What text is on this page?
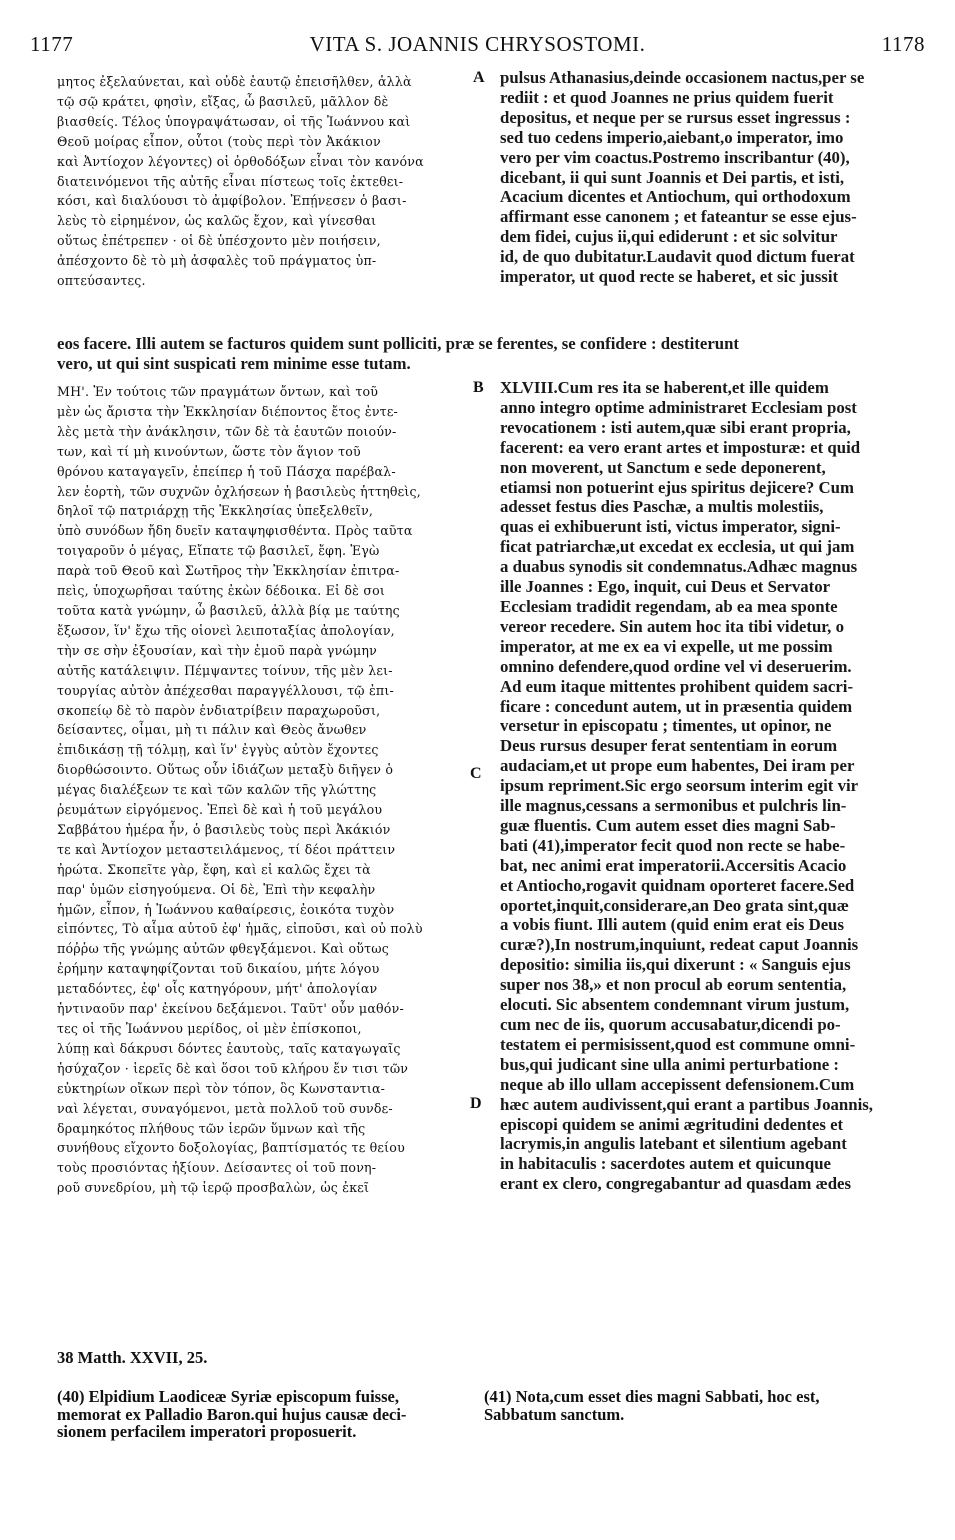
1177	VITA S. JOANNIS CHRYSOSTOMI.	1178
μητος ἐξελαύνεται, καὶ οὐδὲ ἑαυτῷ ἐπεισῆλθεν, ἀλλὰ
τῷ σῷ κράτει, φησὶν, εἴξας, ὦ βασιλεῦ, μᾶλλον δὲ
βιασθείς. Τέλος ὑπογραψάτωσαν, οἱ τῆς Ἰωάννου καὶ
Θεοῦ μοίρας εἶπον, οὗτοι (τοὺς περὶ τὸν Ἀκάκιον
καὶ Ἀντίοχον λέγοντες) οἱ ὀρθοδόξων εἶναι τὸν κανόνα
διατεινόμενοι τῆς αὐτῆς εἶναι πίστεως τοῖς ἐκτεθει-
κόσι, καὶ διαλύουσι τὸ ἀμφίβολον. Ἐπῄνεσεν ὁ βασι-
λεὺς τὸ εἰρημένον, ὡς καλῶς ἔχον, καὶ γίνεσθαι
οὕτως ἐπέτρεπεν · οἱ δὲ ὑπέσχοντο μὲν ποιήσειν,
ἀπέσχοντο δὲ τὸ μὴ ἀσφαλὲς τοῦ πράγματος ὑπ-
οπτεύσαντες.
pulsus Athanasius,deinde occasionem nactus,per se
rediit : et quod Joannes ne prius quidem fuerit
depositus, et neque per se rursus esset ingressus :
sed tuo cedens imperio,aiebant,o imperator, imo
vero per vim coactus.Postremo inscribantur (40),
dicebant, ii qui sunt Joannis et Dei partis, et isti,
Acacium dicentes et Antiochum, qui orthodoxum
affirmant esse canonem ; et fateantur se esse ejus-
dem fidei, cujus ii,qui ediderunt : et sic solvitur
id, de quo dubitatur.Laudavit quod dictum fuerat
imperator, ut quod recte se haberet, et sic jussit
eos facere. Illi autem se facturos quidem sunt polliciti, præ se ferentes, se confidere : destiterunt
vero, ut qui sint suspicati rem minime esse tutam.
ΜΗ'. Ἐν τούτοις τῶν πραγμάτων ὄντων, καὶ τοῦ
μὲν ὡς ἄριστα τὴν Ἐκκλησίαν διέποντος ἔτος ἐντε-
λὲς μετὰ τὴν ἀνάκλησιν, τῶν δὲ τὰ ἑαυτῶν ποιούν-
των, καὶ τί μὴ κινούντων, ὥστε τὸν ἅγιον τοῦ
θρόνου καταγαγεῖν, ἐπείπερ ἡ τοῦ Πάσχα παρέβαλ-
λεν ἑορτὴ, τῶν συχνῶν ὀχλήσεων ἡ βασιλεὺς ἡττηθεὶς,
δηλοῖ τῷ πατριάρχῃ τῆς Ἐκκλησίας ὑπεξελθεῖν,
ὑπὸ συνόδων ἤδη δυεῖν καταψηφισθέντα. Πρὸς ταῦτα
τοιγαροῦν ὁ μέγας, Εἴπατε τῷ βασιλεῖ, ἔφη. Ἐγὼ
παρὰ τοῦ Θεοῦ καὶ Σωτῆρος τὴν Ἐκκλησίαν ἐπιτρα-
πεὶς, ὑποχωρῆσαι ταύτης ἐκὼν δέδοικα. Εἰ δὲ σοι
τοῦτα κατὰ γνώμην, ὦ βασιλεῦ, ἀλλὰ βίᾳ με ταύτης
ἔξωσον, ἵν' ἔχω τῆς οἱονεὶ λειποταξίας ἀπολογίαν,
τὴν σε σὴν ἐξουσίαν, καὶ τὴν ἐμοῦ παρὰ γνώμην
αὐτῆς κατάλειψιν. Πέμψαντες τοίνυν, τῆς μὲν λει-
τουργίας αὐτὸν ἀπέχεσθαι παραγγέλλουσι, τῷ ἐπι-
σκοπείῳ δὲ τὸ παρὸν ἐνδιατρίβειν παραχωροῦσι,
δείσαντες, οἶμαι, μὴ τι πάλιν καὶ Θεὸς ἄνωθεν
ἐπιδικάσῃ τῇ τόλμῃ, καὶ ἵν' ἐγγὺς αὐτὸν ἔχοντες
διορθώσοιντο. Οὕτως οὖν ἰδιάζων μεταξὺ διῆγεν ὁ
μέγας διαλέξεων τε καὶ τῶν καλῶν τῆς γλώττης
ῥευμάτων εἰργόμενος. Ἐπεὶ δὲ καὶ ἡ τοῦ μεγάλου
Σαββάτου ἡμέρα ἦν, ὁ βασιλεὺς τοὺς περὶ Ἀκάκιόν
τε καὶ Ἀντίοχον μεταστειλάμενος, τί δέοι πράττειν
ἠρώτα. Σκοπεῖτε γὰρ, ἔφη, καὶ εἰ καλῶς ἔχει τὰ
παρ' ὑμῶν εἰσηγούμενα. Οἱ δὲ, Ἐπὶ τὴν κεφαλὴν
ἡμῶν, εἶπον, ἡ Ἰωάννου καθαίρεσις, ἐοικότα τυχὸν
εἰπόντες, Τὸ αἷμα αὐτοῦ ἐφ' ἡμᾶς, εἰποῦσι, καὶ οὐ πολὺ
πόῤῥω τῆς γνώμης αὐτῶν φθεγξάμενοι. Καὶ οὕτως
ἐρήμην καταψηφίζονται τοῦ δικαίου, μήτε λόγου
μεταδόντες, ἐφ' οἷς κατηγόρουν, μήτ' ἀπολογίαν
ἡντιναοῦν παρ' ἐκείνου δεξάμενοι. Ταῦτ' οὖν μαθόν-
τες οἱ τῆς Ἰωάννου μερίδος, οἱ μὲν ἐπίσκοποι,
λύπῃ καὶ δάκρυσι δόντες ἑαυτοὺς, ταῖς καταγωγαῖς
ἡσύχαζον · ἱερεῖς δὲ καὶ ὅσοι τοῦ κλήρου ἔν τισι τῶν
εὐκτηρίων οἴκων περὶ τὸν τόπον, ὃς Κωνσταντια-
ναὶ λέγεται, συναγόμενοι, μετὰ πολλοῦ τοῦ συνδε-
δραμηκότος πλήθους τῶν ἱερῶν ὕμνων καὶ τῆς
συνήθους εἴχοντο δοξολογίας, βαπτίσματός τε θείου
τοὺς προσιόντας ἠξίουν. Δείσαντες οἱ τοῦ πονη-
ροῦ συνεδρίου, μὴ τῷ ἱερῷ προσβαλὼν, ὡς ἐκεῖ
XLVIII.Cum res ita se haberent,et ille quidem
anno integro optime administraret Ecclesiam post
revocationem : isti autem,quæ sibi erant propria,
facerent: ea vero erant artes et imposturæ: et quid
non moverent, ut Sanctum e sede deponerent,
etiamsi non potuerint ejus spiritus dejicere? Cum
adesset festus dies Paschæ, a multis molestiis,
quas ei exhibuerunt isti, victus imperator, signi-
ficat patriarchæ,ut excedat ex ecclesia, ut qui jam
a duabus synodis sit condemnatus.Adhæc magnus
ille Joannes : Ego, inquit, cui Deus et Servator
Ecclesiam tradidit regendam, ab ea mea sponte
vereor recedere. Sin autem hoc ita tibi videtur, o
imperator, at me ex ea vi expelle, ut me possim
omnino defendere,quod ordine vel vi deseruerim.
Ad eum itaque mittentes prohibent quidem sacri-
ficare : concedunt autem, ut in præsentia quidem
versetur in episcopatu ; timentes, ut opinor, ne
Deus rursus desuper ferat sententiam in eorum
audaciam,et ut prope eum habentes, Dei iram per
ipsum repriment.Sic ergo seorsum interim egit vir
ille magnus,cessans a sermonibus et pulchris lin-
guæ fluentis. Cum autem esset dies magni Sab-
bati (41),imperator fecit quod non recte se habe-
bat, nec animi erat imperatorii.Accersitis Acacio
et Antiocho,rogavit quidnam oporteret facere.Sed
oportet,inquit,considerare,an Deo grata sint,quæ
a vobis fiunt. Illi autem (quid enim erat eis Deus
curæ?),In nostrum,inquiunt, redeat caput Joannis
depositio: similia iis,qui dixerunt : « Sanguis ejus
super nos 38,» et non procul ab eorum sententia,
elocuti. Sic absentem condemnant virum justum,
cum nec de iis, quorum accusabatur,dicendi po-
testatem ei permisissent,quod est commune omni-
bus,qui judicant sine ulla animi perturbatione :
neque ab illo ullam accepissent defensionem.Cum
hæc autem audivissent,qui erant a partibus Joannis,
episcopi quidem se animi ægritudini dedentes et
lacrymis,in angulis latebant et silentium agebant
in habitaculis : sacerdotes autem et quicunque
erant ex clero, congregabantur ad quasdam ædes
A
B
C
D
38 Matth. XXVII, 25.
(40) Elpidium Laodiceæ Syriæ episcopum fuisse,
memorat ex Palladio Baron.qui hujus causæ deci-
sionem perfacilem imperatori proposuerit.
(41) Nota,cum esset dies magni Sabbati, hoc est,
Sabbatum sanctum.
